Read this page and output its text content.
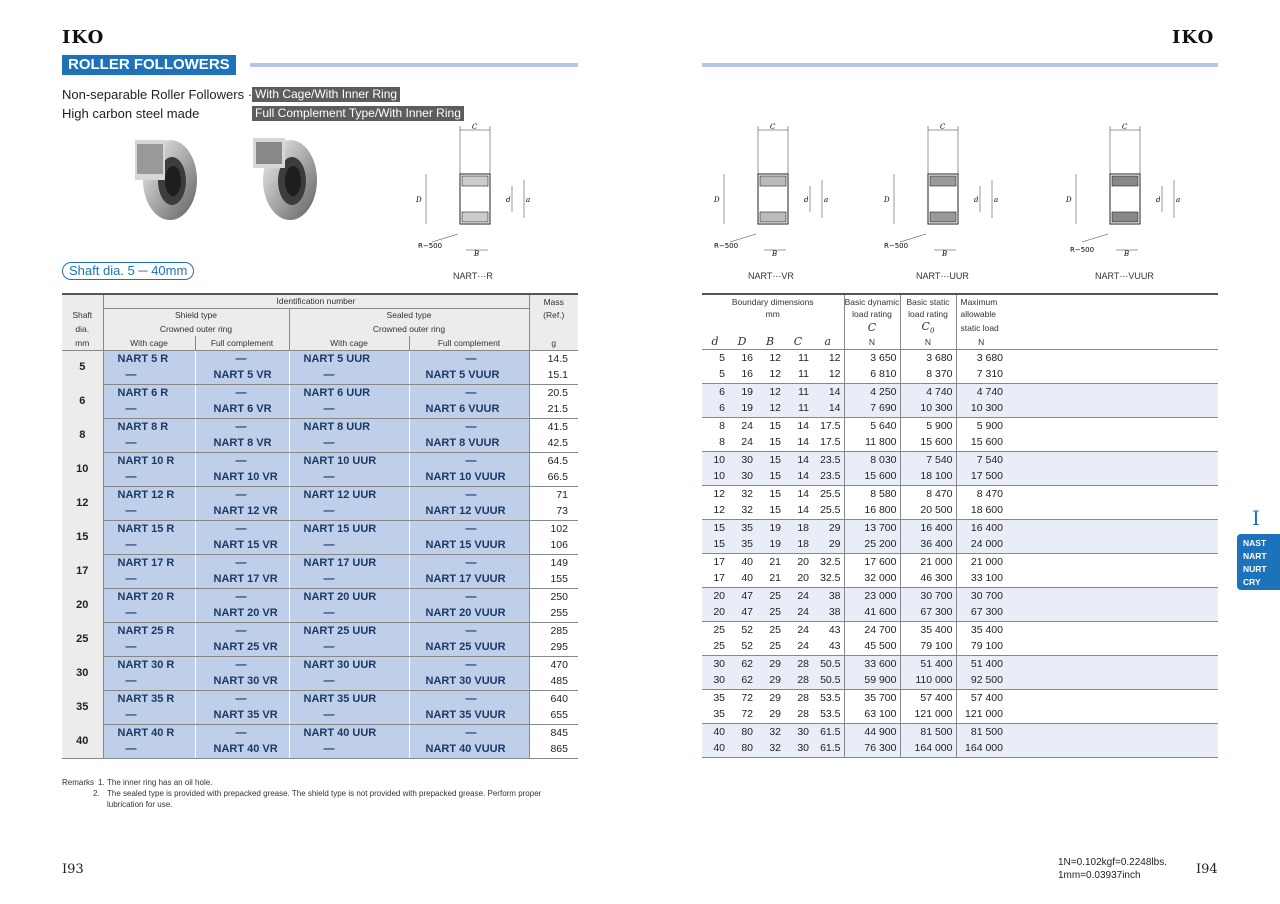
IKO	IKO
ROLLER FOLLOWERS
Non-separable Roller Followers ·
High carbon steel made
With Cage/With Inner Ring
Full Complement Type/With Inner Ring
C
B
D	d a
R−500
C
B
D	d a
R−500
C
B
D	d a
R−500
C
B
D	d a
R−500
NART⋯R	NART⋯VR	NART⋯UUR	NART⋯VUUR
Shaft dia. 5 ─ 40mm
	Identification number				Mass
Shaft	Shield type		Sealed type		(Ref.)
dia.	Crowned outer ring		Crowned outer ring		
mm	With cage	Full complement	With cage	Full complement	g
5	NART 5 R	—	NART 5 UUR	—	14.5
	—	NART 5 VR	—	NART 5 VUUR	15.1
6	NART 6 R	—	NART 6 UUR	—	20.5
	—	NART 6 VR	—	NART 6 VUUR	21.5
8	NART 8 R	—	NART 8 UUR	—	41.5
	—	NART 8 VR	—	NART 8 VUUR	42.5
10	NART 10 R	—	NART 10 UUR	—	64.5
	—	NART 10 VR	—	NART 10 VUUR	66.5
12	NART 12 R	—	NART 12 UUR	—	71
	—	NART 12 VR	—	NART 12 VUUR	73
15	NART 15 R	—	NART 15 UUR	—	102
	—	NART 15 VR	—	NART 15 VUUR	106
17	NART 17 R	—	NART 17 UUR	—	149
	—	NART 17 VR	—	NART 17 VUUR	155
20	NART 20 R	—	NART 20 UUR	—	250
	—	NART 20 VR	—	NART 20 VUUR	255
25	NART 25 R	—	NART 25 UUR	—	285
	—	NART 25 VR	—	NART 25 VUUR	295
30	NART 30 R	—	NART 30 UUR	—	470
	—	NART 30 VR	—	NART 30 VUUR	485
35	NART 35 R	—	NART 35 UUR	—	640
	—	NART 35 VR	—	NART 35 VUUR	655
40	NART 40 R	—	NART 40 UUR	—	845
	—	NART 40 VR	—	NART 40 VUUR	865
Boundary dimensions					Basic dynamic	Basic static	Maximum	
mm					load rating	load rating	allowable	
					C	$C_0$	static load	
d	D	B	C	a	N	N	N	
5	16	12	11	12	3 650	3 680	3 680	
5	16	12	11	12	6 810	8 370	7 310	
6	19	12	11	14	4 250	4 740	4 740	
6	19	12	11	14	7 690	10 300	10 300	
8	24	15	14	17.5	5 640	5 900	5 900	
8	24	15	14	17.5	11 800	15 600	15 600	
10	30	15	14	23.5	8 030	7 540	7 540	
10	30	15	14	23.5	15 600	18 100	17 500	
12	32	15	14	25.5	8 580	8 470	8 470	
12	32	15	14	25.5	16 800	20 500	18 600	
15	35	19	18	29	13 700	16 400	16 400	
15	35	19	18	29	25 200	36 400	24 000	
17	40	21	20	32.5	17 600	21 000	21 000	
17	40	21	20	32.5	32 000	46 300	33 100	
20	47	25	24	38	23 000	30 700	30 700	
20	47	25	24	38	41 600	67 300	67 300	
25	52	25	24	43	24 700	35 400	35 400	
25	52	25	24	43	45 500	79 100	79 100	
30	62	29	28	50.5	33 600	51 400	51 400	
30	62	29	28	50.5	59 900	110 000	92 500	
35	72	29	28	53.5	35 700	57 400	57 400	
35	72	29	28	53.5	63 100	121 000	121 000	
40	80	32	30	61.5	44 900	81 500	81 500	
40	80	32	30	61.5	76 300	164 000	164 000	
Remarks 1. The inner ring has an oil hole.
2. The sealed type is provided with prepacked grease. The shield type is not provided with prepacked grease. Perform proper
lubrication for use.
I93	I94
1N=0.102kgf=0.2248lbs.
1mm=0.03937inch
I
NAST
NART
NURT
CRY
